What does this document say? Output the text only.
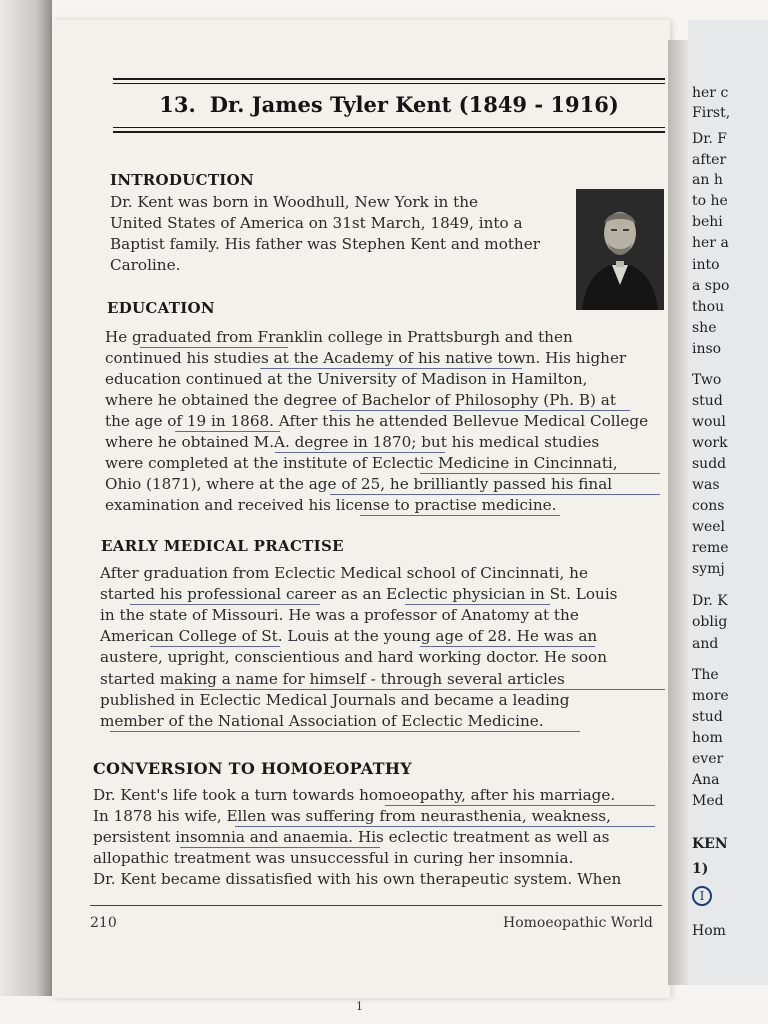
her c
First,
Dr. F
after
an h
to he
behi
her a
into
a spo
thou
she
inso
Two
stud
woul
work
sudd
was
cons
weel
reme
symj
Dr. K
oblig
and
The
more
stud
hom
ever
Ana
Med
KEN
1)
I
Hom
13. Dr. James Tyler Kent (1849 - 1916)
INTRODUCTION
Dr. Kent was born in Woodhull, New York in the
United States of America on 31st March, 1849, into a
Baptist family. His father was Stephen Kent and mother
Caroline.
EDUCATION
He graduated from Franklin college in Prattsburgh and then
continued his studies at the Academy of his native town. His higher
education continued at the University of Madison in Hamilton,
where he obtained the degree of Bachelor of Philosophy (Ph. B) at
the age of 19 in 1868. After this he attended Bellevue Medical College
where he obtained M.A. degree in 1870; but his medical studies
were completed at the institute of Eclectic Medicine in Cincinnati,
Ohio (1871), where at the age of 25, he brilliantly passed his final
examination and received his license to practise medicine.
EARLY MEDICAL PRACTISE
After graduation from Eclectic Medical school of Cincinnati, he
started his professional career as an Eclectic physician in St. Louis
in the state of Missouri. He was a professor of Anatomy at the
American College of St. Louis at the young age of 28. He was an
austere, upright, conscientious and hard working doctor. He soon
started making a name for himself - through several articles
published in Eclectic Medical Journals and became a leading
member of the National Association of Eclectic Medicine.
CONVERSION TO HOMOEOPATHY
Dr. Kent's life took a turn towards homoeopathy, after his marriage.
In 1878 his wife, Ellen was suffering from neurasthenia, weakness,
persistent insomnia and anaemia. His eclectic treatment as well as
allopathic treatment was unsuccessful in curing her insomnia.
Dr. Kent became dissatisfied with his own therapeutic system. When
210	Homoeopathic World
1
